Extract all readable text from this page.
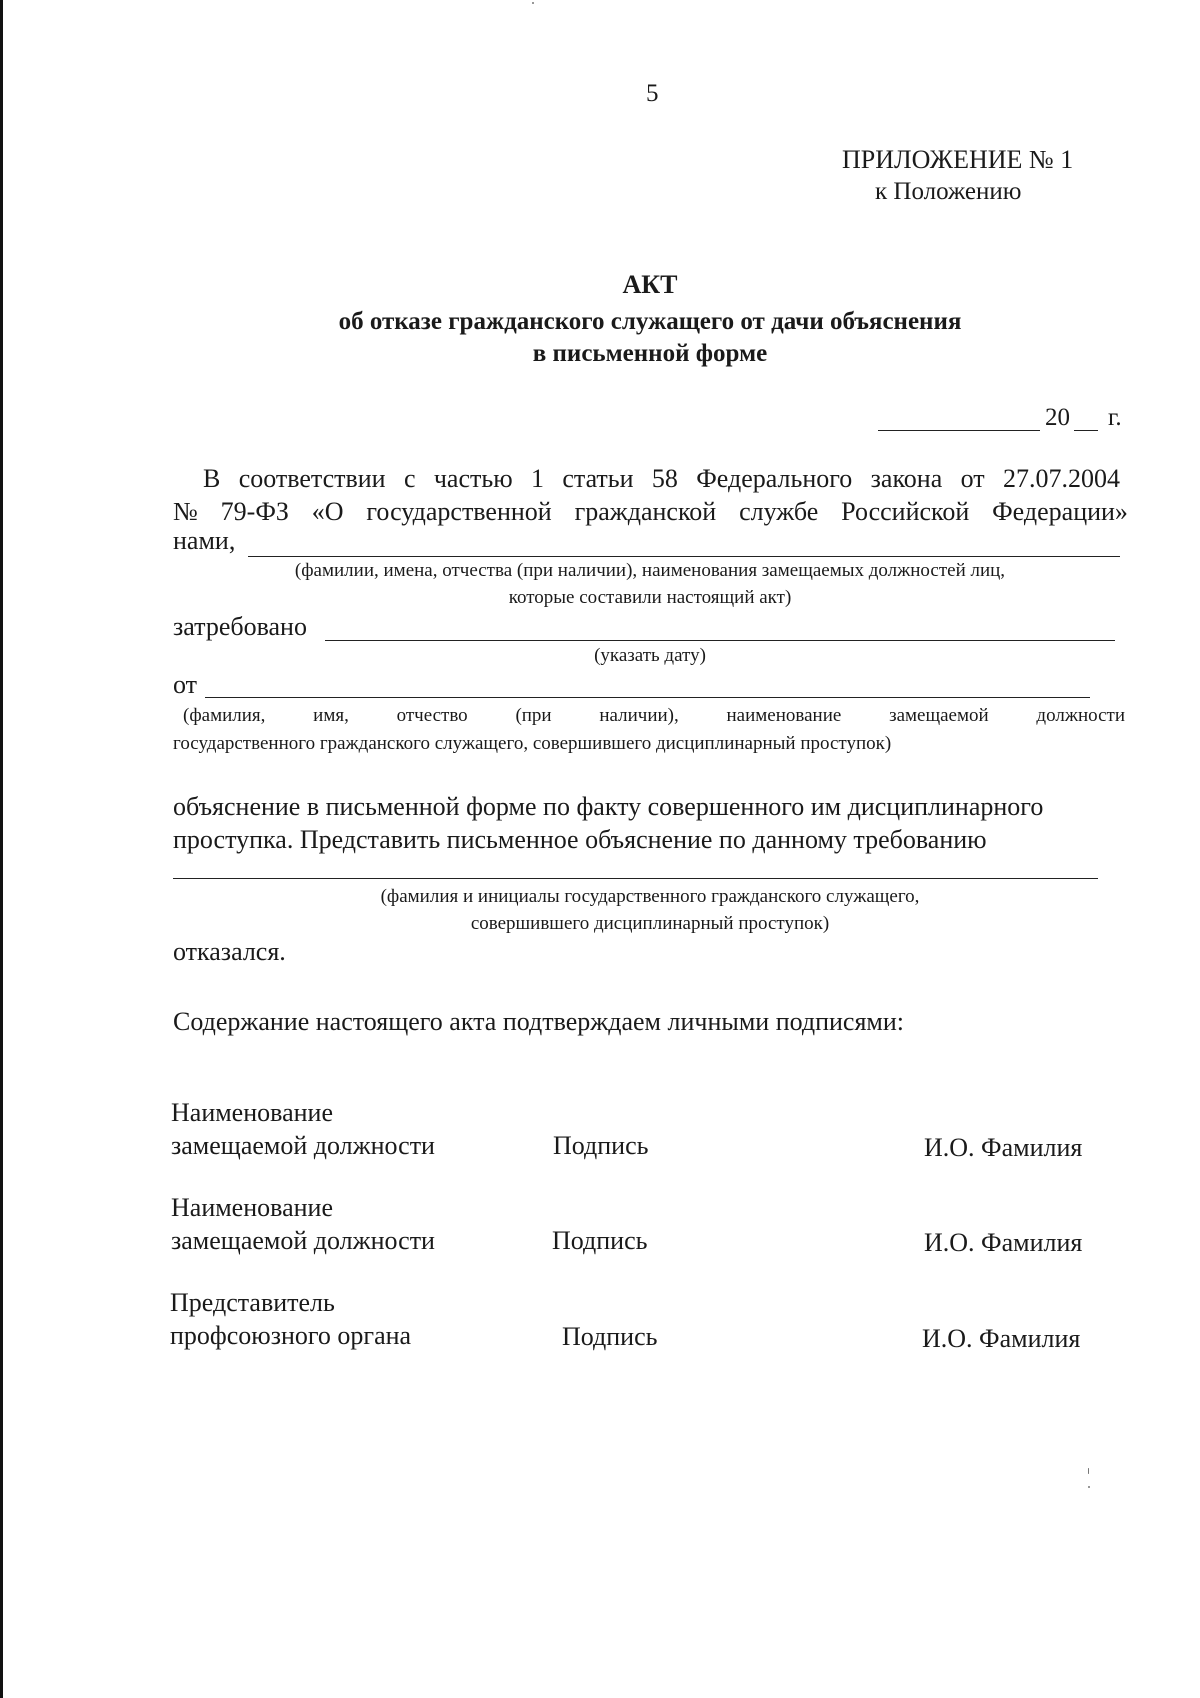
5
ПРИЛОЖЕНИЕ № 1
к Положению
АКТ
об отказе гражданского служащего от дачи объяснения
в письменной форме
20 г.
В соответствии с частью 1 статьи 58 Федерального закона от 27.07.2004
№ 79-ФЗ «О государственной гражданской службе Российской Федерации»
нами,
(фамилии, имена, отчества (при наличии), наименования замещаемых должностей лиц,
которые составили настоящий акт)
затребовано
(указать дату)
от
(фамилия,	имя,	отчество	(при	наличии),	наименование	замещаемой	должности
государственного гражданского служащего, совершившего дисциплинарный проступок)
объяснение в письменной форме по факту совершенного им дисциплинарного
проступка. Представить письменное объяснение по данному требованию
(фамилия и инициалы государственного гражданского служащего,
совершившего дисциплинарный проступок)
отказался.
Содержание настоящего акта подтверждаем личными подписями:
Наименование
замещаемой должности	Подпись	И.О. Фамилия
Наименование
замещаемой должности	Подпись	И.О. Фамилия
Представитель
профсоюзного органа	Подпись	И.О. Фамилия
